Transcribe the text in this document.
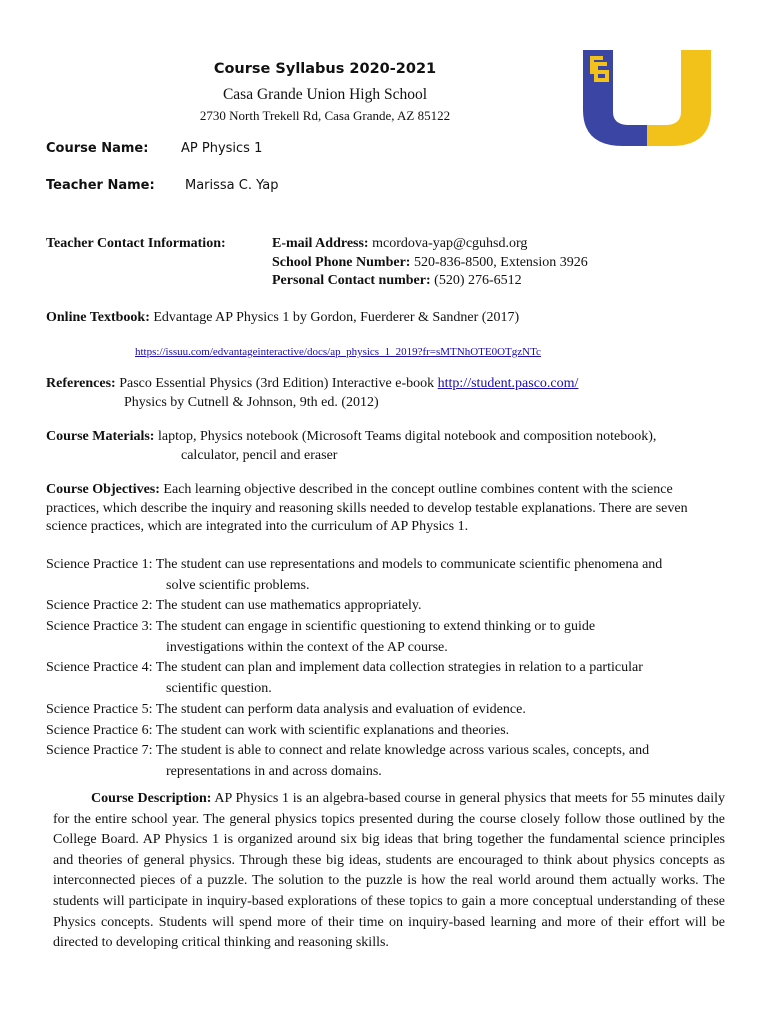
Course Syllabus 2020-2021
Casa Grande Union High School
2730 North Trekell Rd, Casa Grande, AZ 85122
Course Name:	AP Physics 1
Teacher Name: Marissa C. Yap
Teacher Contact Information:	E-mail Address: mcordova-yap@cguhsd.org
School Phone Number: 520-836-8500, Extension 3926
Personal Contact number: (520) 276-6512
Online Textbook: Edvantage AP Physics 1 by Gordon, Fuerderer & Sandner (2017)
https://issuu.com/edvantageinteractive/docs/ap_physics_1_2019?fr=sMTNhOTE0OTgzNTc
References: Pasco Essential Physics (3rd Edition) Interactive e-book http://student.pasco.com/
Physics by Cutnell & Johnson, 9th ed. (2012)
Course Materials: laptop, Physics notebook (Microsoft Teams digital notebook and composition notebook),
calculator, pencil and eraser
Course Objectives: Each learning objective described in the concept outline combines content with the science
practices, which describe the inquiry and reasoning skills needed to develop testable explanations. There are seven
science practices, which are integrated into the curriculum of AP Physics 1.
Science Practice 1: The student can use representations and models to communicate scientific phenomena and
solve scientific problems.
Science Practice 2: The student can use mathematics appropriately.
Science Practice 3: The student can engage in scientific questioning to extend thinking or to guide
investigations within the context of the AP course.
Science Practice 4: The student can plan and implement data collection strategies in relation to a particular
scientific question.
Science Practice 5: The student can perform data analysis and evaluation of evidence.
Science Practice 6: The student can work with scientific explanations and theories.
Science Practice 7: The student is able to connect and relate knowledge across various scales, concepts, and
representations in and across domains.
Course Description: AP Physics 1 is an algebra-based course in general physics that meets for 55 minutes daily for the entire school year. The general physics topics presented during the course closely follow those outlined by the College Board. AP Physics 1 is organized around six big ideas that bring together the fundamental science principles and theories of general physics. Through these big ideas, students are encouraged to think about physics concepts as interconnected pieces of a puzzle. The solution to the puzzle is how the real world around them actually works. The students will participate in inquiry-based explorations of these topics to gain a more conceptual understanding of these Physics concepts. Students will spend more of their time on inquiry-based learning and more of their effort will be directed to developing critical thinking and reasoning skills.
